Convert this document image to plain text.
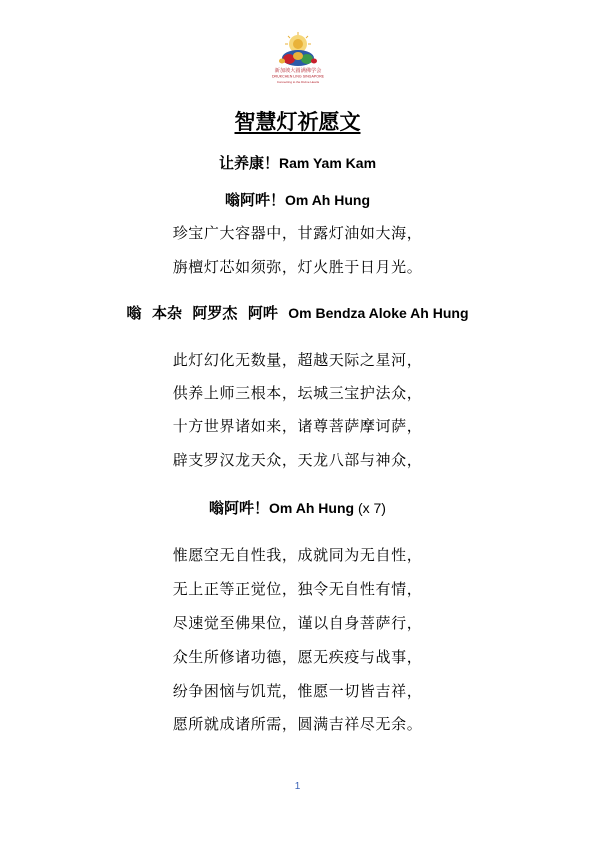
新加坡大圆满佛学会
DRUKCHEN LING SINGAPORE
Connecting to the Divine Hearts
智慧灯祈愿文
让养康！Ram Yam Kam
嗡阿吽！Om Ah Hung
珍宝广大容器中，甘露灯油如大海，
旃檀灯芯如须弥，灯火胜于日月光。
嗡  本杂  阿罗杰  阿吽 Om Bendza Aloke Ah Hung
此灯幻化无数量，超越天际之星河，
供养上师三根本，坛城三宝护法众，
十方世界诸如来，诸尊菩萨摩诃萨，
辟支罗汉龙天众，天龙八部与神众，
嗡阿吽！Om Ah Hung (x 7)
惟愿空无自性我，成就同为无自性，
无上正等正觉位，独令无自性有情，
尽速觉至佛果位，谨以自身菩萨行，
众生所修诸功德，愿无疾疫与战事，
纷争困恼与饥荒，惟愿一切皆吉祥，
愿所就成诸所需，圆满吉祥尽无余。
1
